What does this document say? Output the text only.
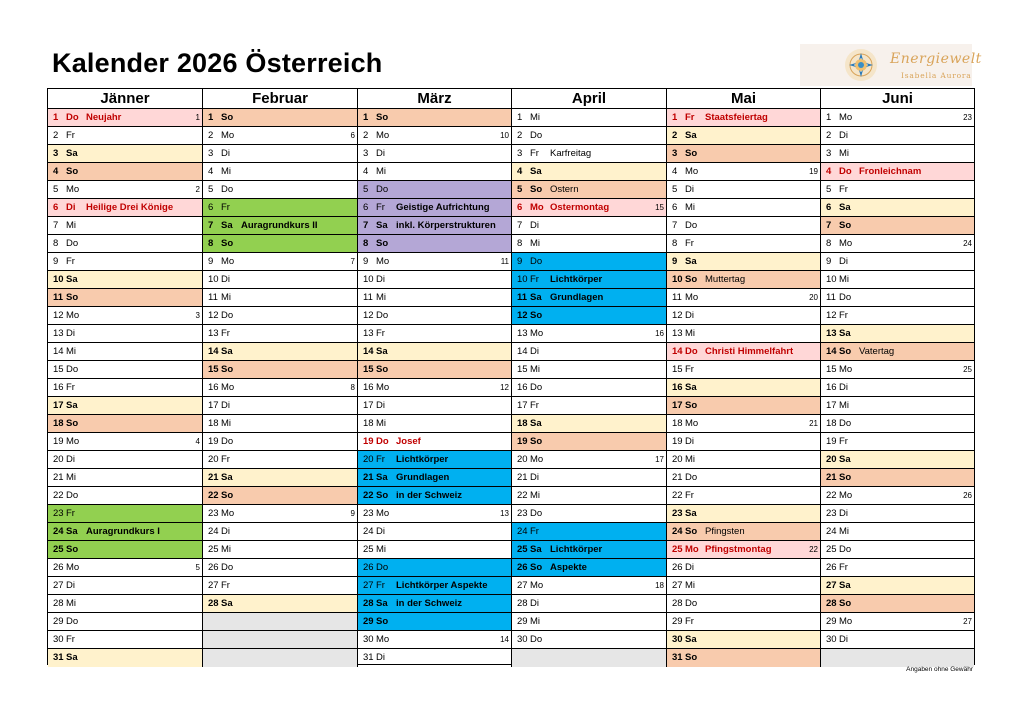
Kalender 2026 Österreich	Energiewelt
Isabella Aurora
Jänner
1 Do Neujahr	1
2 Fr
3 Sa
4 So
5 Mo	2
6 Di Heilige Drei Könige
7 Mi
8 Do
9 Fr
10 Sa
11 So
12 Mo	3
13 Di
14 Mi
15 Do
16 Fr
17 Sa
18 So
19 Mo	4
20 Di
21 Mi
22 Do
23 Fr
24 Sa Auragrundkurs I
25 So
26 Mo	5
27 Di
28 Mi
29 Do
30 Fr
31 Sa
Februar
1 So
2 Mo	6
3 Di
4 Mi
5 Do
6 Fr
7 Sa Auragrundkurs II
8 So
9 Mo	7
10 Di
11 Mi
12 Do
13 Fr
14 Sa
15 So
16 Mo	8
17 Di
18 Mi
19 Do
20 Fr
21 Sa
22 So
23 Mo	9
24 Di
25 Mi
26 Do
27 Fr
28 Sa
März
1 So
2 Mo	10
3 Di
4 Mi
5 Do
6 Fr Geistige Aufrichtung
7 Sa inkl. Körperstrukturen
8 So
9 Mo	11
10 Di
11 Mi
12 Do
13 Fr
14 Sa
15 So
16 Mo	12
17 Di
18 Mi
19 Do Josef
20 Fr Lichtkörper
21 Sa Grundlagen
22 So in der Schweiz
23 Mo	13
24 Di
25 Mi
26 Do
27 Fr Lichtkörper Aspekte
28 Sa in der Schweiz
29 So
30 Mo	14
31 Di
April
1 Mi
2 Do
3 Fr Karfreitag
4 Sa
5 So Ostern
6 Mo Ostermontag	15
7 Di
8 Mi
9 Do
10 Fr Lichtkörper
11 Sa Grundlagen
12 So
13 Mo	16
14 Di
15 Mi
16 Do
17 Fr
18 Sa
19 So
20 Mo	17
21 Di
22 Mi
23 Do
24 Fr
25 Sa Lichtkörper
26 So Aspekte
27 Mo	18
28 Di
29 Mi
30 Do
Mai
1 Fr Staatsfeiertag
2 Sa
3 So
4 Mo	19
5 Di
6 Mi
7 Do
8 Fr
9 Sa
10 So Muttertag
11 Mo	20
12 Di
13 Mi
14 Do Christi Himmelfahrt
15 Fr
16 Sa
17 So
18 Mo	21
19 Di
20 Mi
21 Do
22 Fr
23 Sa
24 So Pfingsten
25 Mo Pfingstmontag	22
26 Di
27 Mi
28 Do
29 Fr
30 Sa
31 So
Juni
1 Mo	23
2 Di
3 Mi
4 Do Fronleichnam
5 Fr
6 Sa
7 So
8 Mo	24
9 Di
10 Mi
11 Do
12 Fr
13 Sa
14 So Vatertag
15 Mo	25
16 Di
17 Mi
18 Do
19 Fr
20 Sa
21 So
22 Mo	26
23 Di
24 Mi
25 Do
26 Fr
27 Sa
28 So
29 Mo	27
30 Di
Angaben ohne Gewähr
